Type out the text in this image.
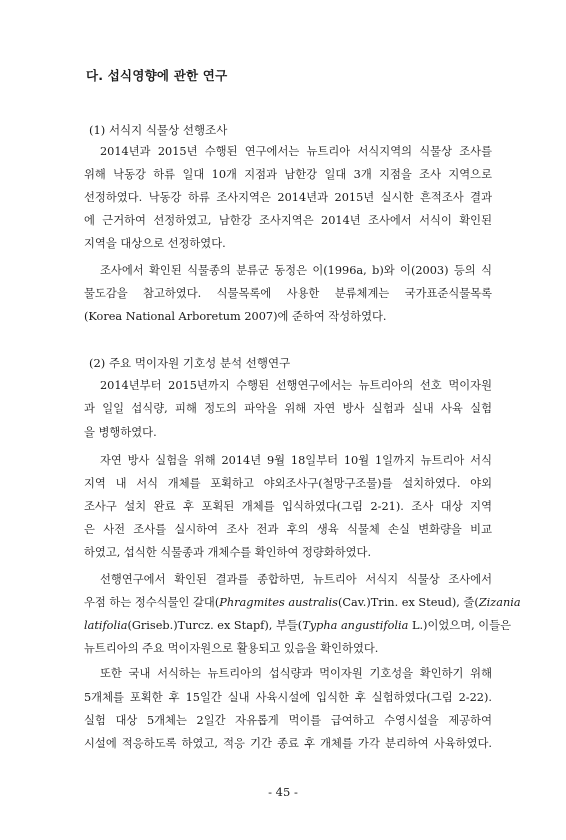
다. 섭식영향에 관한 연구
(1) 서식지 식물상 선행조사
2014년과 2015년 수행된 연구에서는 뉴트리아 서식지역의 식물상 조사를
위해 낙동강 하류 일대 10개 지점과 남한강 일대 3개 지점을 조사 지역으로
선정하였다. 낙동강 하류 조사지역은 2014년과 2015년 실시한 흔적조사 결과
에 근거하여 선정하였고, 남한강 조사지역은 2014년 조사에서 서식이 확인된
지역을 대상으로 선정하였다.
조사에서 확인된 식물종의 분류군 동정은 이(1996a, b)와 이(2003) 등의 식
물도감을 참고하였다. 식물목록에 사용한 분류체계는 국가표준식물목록
(Korea National Arboretum 2007)에 준하여 작성하였다.
(2) 주요 먹이자원 기호성 분석 선행연구
2014년부터 2015년까지 수행된 선행연구에서는 뉴트리아의 선호 먹이자원
과 일일 섭식량, 피해 정도의 파악을 위해 자연 방사 실험과 실내 사육 실험
을 병행하였다.
자연 방사 실험을 위해 2014년 9월 18일부터 10월 1일까지 뉴트리아 서식
지역 내 서식 개체를 포획하고 야외조사구(철망구조물)를 설치하였다. 야외
조사구 설치 완료 후 포획된 개체를 입식하였다(그림 2-21). 조사 대상 지역
은 사전 조사를 실시하여 조사 전과 후의 생육 식물체 손실 변화량을 비교
하였고, 섭식한 식물종과 개체수를 확인하여 정량화하였다.
선행연구에서 확인된 결과를 종합하면, 뉴트리아 서식지 식물상 조사에서
우점 하는 정수식물인 갈대(Phragmites australis(Cav.)Trin. ex Steud), 줄(Zizania
latifolia(Griseb.)Turcz. ex Stapf), 부들(Typha angustifolia L.)이었으며, 이들은
뉴트리아의 주요 먹이자원으로 활용되고 있음을 확인하였다.
또한 국내 서식하는 뉴트리아의 섭식량과 먹이자원 기호성을 확인하기 위해
5개체를 포획한 후 15일간 실내 사육시설에 입식한 후 실험하였다(그림 2-22).
실험 대상 5개체는 2일간 자유롭게 먹이를 급여하고 수영시설을 제공하여
시설에 적응하도록 하였고, 적응 기간 종료 후 개체를 가각 분리하여 사육하였다.
- 45 -
